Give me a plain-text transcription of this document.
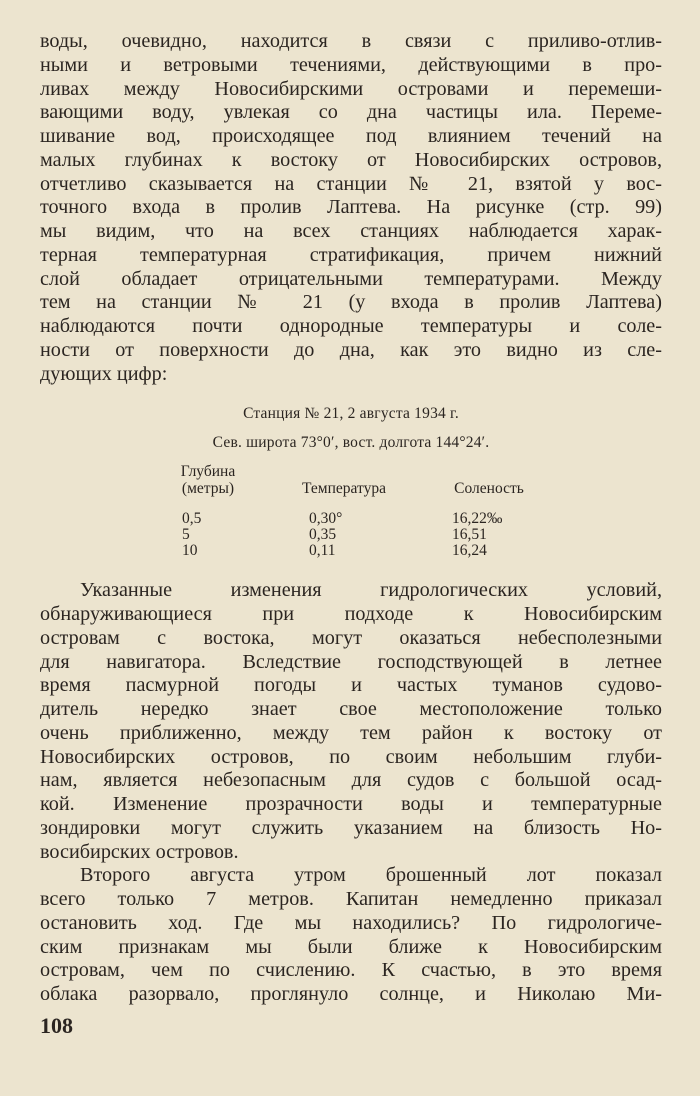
воды, очевидно, находится в связи с приливо-отлив-
ными и ветровыми течениями, действующими в про-
ливах между Новосибирскими островами и перемеши-
вающими воду, увлекая со дна частицы ила. Переме-
шивание вод, происходящее под влиянием течений на
малых глубинах к востоку от Новосибирских островов,
отчетливо сказывается на станции № 21, взятой у вос-
точного входа в пролив Лаптева. На рисунке (стр. 99)
мы видим, что на всех станциях наблюдается харак-
терная температурная стратификация, причем нижний
слой обладает отрицательными температурами. Между
тем на станции № 21 (у входа в пролив Лаптева)
наблюдаются почти однородные температуры и соле-
ности от поверхности до дна, как это видно из сле-
дующих цифр:

Станция № 21, 2 августа 1934 г.

Сев. широта 73°0′, вост. долгота 144°24′.

Глубина
(метры)	Температура	Соленость

0,5	0,30°	16,22‰
5	0,35	16,51
10	0,11	16,24

Указанные изменения гидрологических условий,
обнаруживающиеся при подходе к Новосибирским
островам с востока, могут оказаться небесполезными
для навигатора. Вследствие господствующей в летнее
время пасмурной погоды и частых туманов судово-
дитель нередко знает свое местоположение только
очень приближенно, между тем район к востоку от
Новосибирских островов, по своим небольшим глуби-
нам, является небезопасным для судов с большой осад-
кой. Изменение прозрачности воды и температурные
зондировки могут служить указанием на близость Но-
восибирских островов.

Второго августа утром брошенный лот показал
всего только 7 метров. Капитан немедленно приказал
остановить ход. Где мы находились? По гидрологиче-
ским признакам мы были ближе к Новосибирским
островам, чем по счислению. К счастью, в это время
облака разорвало, проглянуло солнце, и Николаю Ми-

108
